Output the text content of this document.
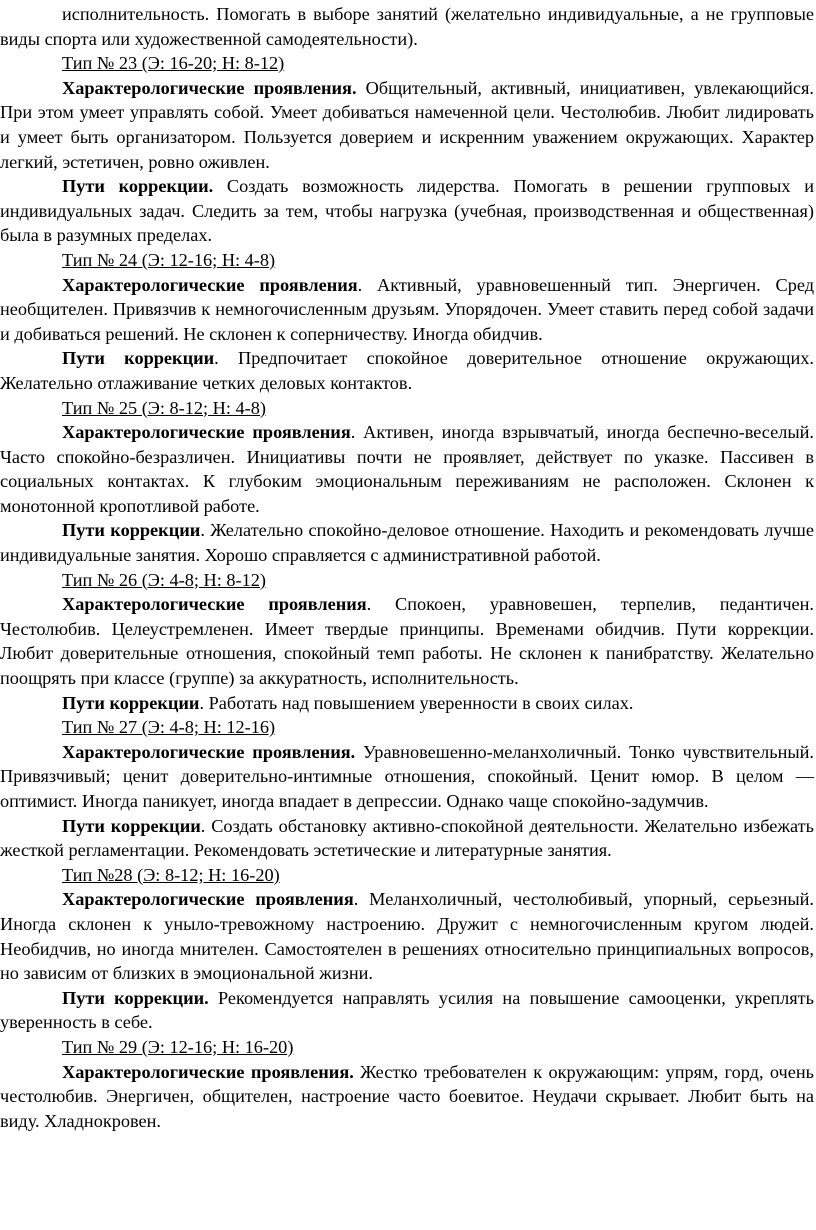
исполнительность. Помогать в выборе занятий (желательно индивидуальные, а не групповые виды спорта или художественной самодеятельности).

Тип № 23 (Э: 16-20; Н: 8-12)

Характерологические проявления. Общительный, активный, инициативен, увлекающийся. При этом умеет управлять собой. Умеет добиваться намеченной цели. Честолюбив. Любит лидировать и умеет быть организатором. Пользуется доверием и искренним уважением окружающих. Характер легкий, эстетичен, ровно оживлен.

Пути коррекции. Создать возможность лидерства. Помогать в решении групповых и индивидуальных задач. Следить за тем, чтобы нагрузка (учебная, производственная и общественная) была в разумных пределах.

Тип № 24 (Э: 12-16; Н: 4-8)

Характерологические проявления. Активный, уравновешенный тип. Энергичен. Сред необщителен. Привязчив к немногочисленным друзьям. Упорядочен. Умеет ставить перед собой задачи и добиваться решений. Не склонен к соперничеству. Иногда обидчив.

Пути коррекции. Предпочитает спокойное доверительное отношение окружающих. Желательно отлаживание четких деловых контактов.

Тип № 25 (Э: 8-12; Н: 4-8)

Характерологические проявления. Активен, иногда взрывчатый, иногда беспечно-веселый. Часто спокойно-безразличен. Инициативы почти не проявляет, действует по указке. Пассивен в социальных контактах. К глубоким эмоциональным переживаниям не расположен. Склонен к монотонной кропотливой работе.

Пути коррекции. Желательно спокойно-деловое отношение. Находить и рекомендовать лучше индивидуальные занятия. Хорошо справляется с административной работой.

Тип № 26 (Э: 4-8; Н: 8-12)

Характерологические проявления. Спокоен, уравновешен, терпелив, педантичен. Честолюбив. Целеустремленен. Имеет твердые принципы. Временами обидчив. Пути коррекции. Любит доверительные отношения, спокойный темп работы. Не склонен к панибратству. Желательно поощрять при классе (группе) за аккуратность, исполнительность.

Пути коррекции. Работать над повышением уверенности в своих силах.

Тип № 27 (Э: 4-8; Н: 12-16)

Характерологические проявления. Уравновешенно-меланхоличный. Тонко чувствительный. Привязчивый; ценит доверительно-интимные отношения, спокойный. Ценит юмор. В целом — оптимист. Иногда паникует, иногда впадает в депрессии. Однако чаще спокойно-задумчив.

Пути коррекции. Создать обстановку активно-спокойной деятельности. Желательно избежать жесткой регламентации. Рекомендовать эстетические и литературные занятия.

Тип №28 (Э: 8-12; Н: 16-20)

Характерологические проявления. Меланхоличный, честолюбивый, упорный, серьезный. Иногда склонен к уныло-тревожному настроению. Дружит с немногочисленным кругом людей. Необидчив, но иногда мнителен. Самостоятелен в решениях относительно принципиальных вопросов, но зависим от близких в эмоциональной жизни.

Пути коррекции. Рекомендуется направлять усилия на повышение самооценки, укреплять уверенность в себе.

Тип № 29 (Э: 12-16; Н: 16-20)

Характерологические проявления. Жестко требователен к окружающим: упрям, горд, очень честолюбив. Энергичен, общителен, настроение часто боевитое. Неудачи скрывает. Любит быть на виду. Хладнокровен.
